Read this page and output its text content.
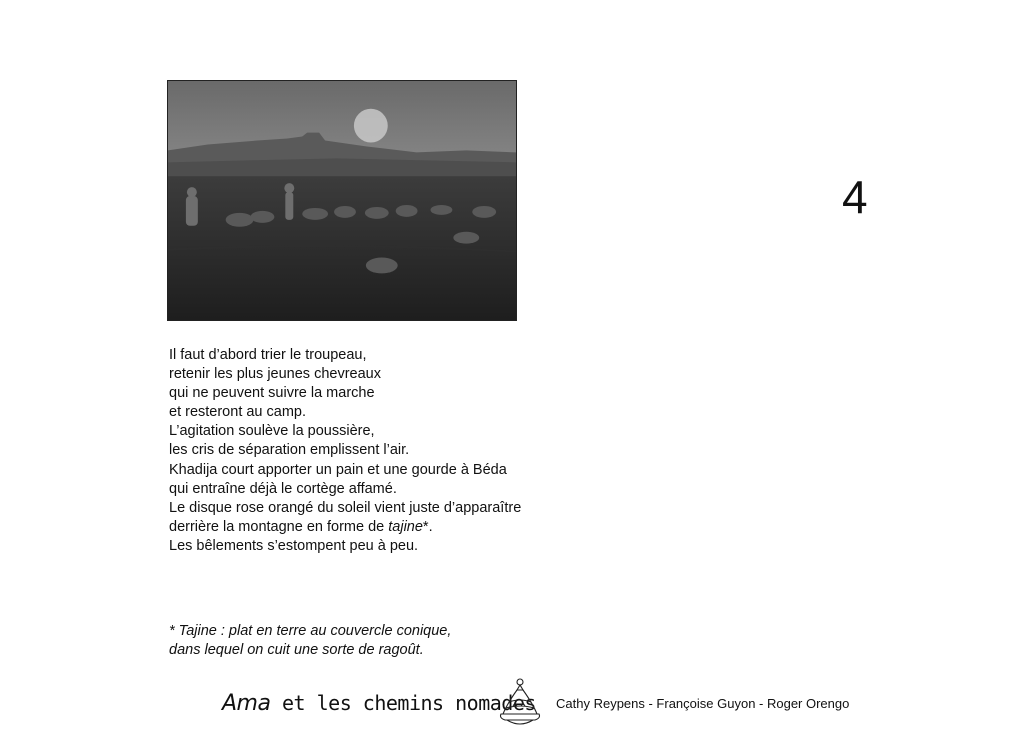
4
Il faut d’abord trier le troupeau,
retenir les plus jeunes chevreaux
qui ne peuvent suivre la marche
et resteront au camp.
L’agitation soulève la poussière,
les cris de séparation emplissent l’air.
Khadija court apporter un pain et une gourde à Béda
qui entraîne déjà le cortège affamé.
Le disque rose orangé du soleil vient juste d’apparaître
derrière la montagne en forme de tajine*.
Les bêlements s’estompent peu à peu.
* Tajine : plat en terre au couvercle conique,
dans lequel on cuit une sorte de ragoût.
Ama et les chemins nomades Cathy Reypens - Françoise Guyon - Roger Orengo
